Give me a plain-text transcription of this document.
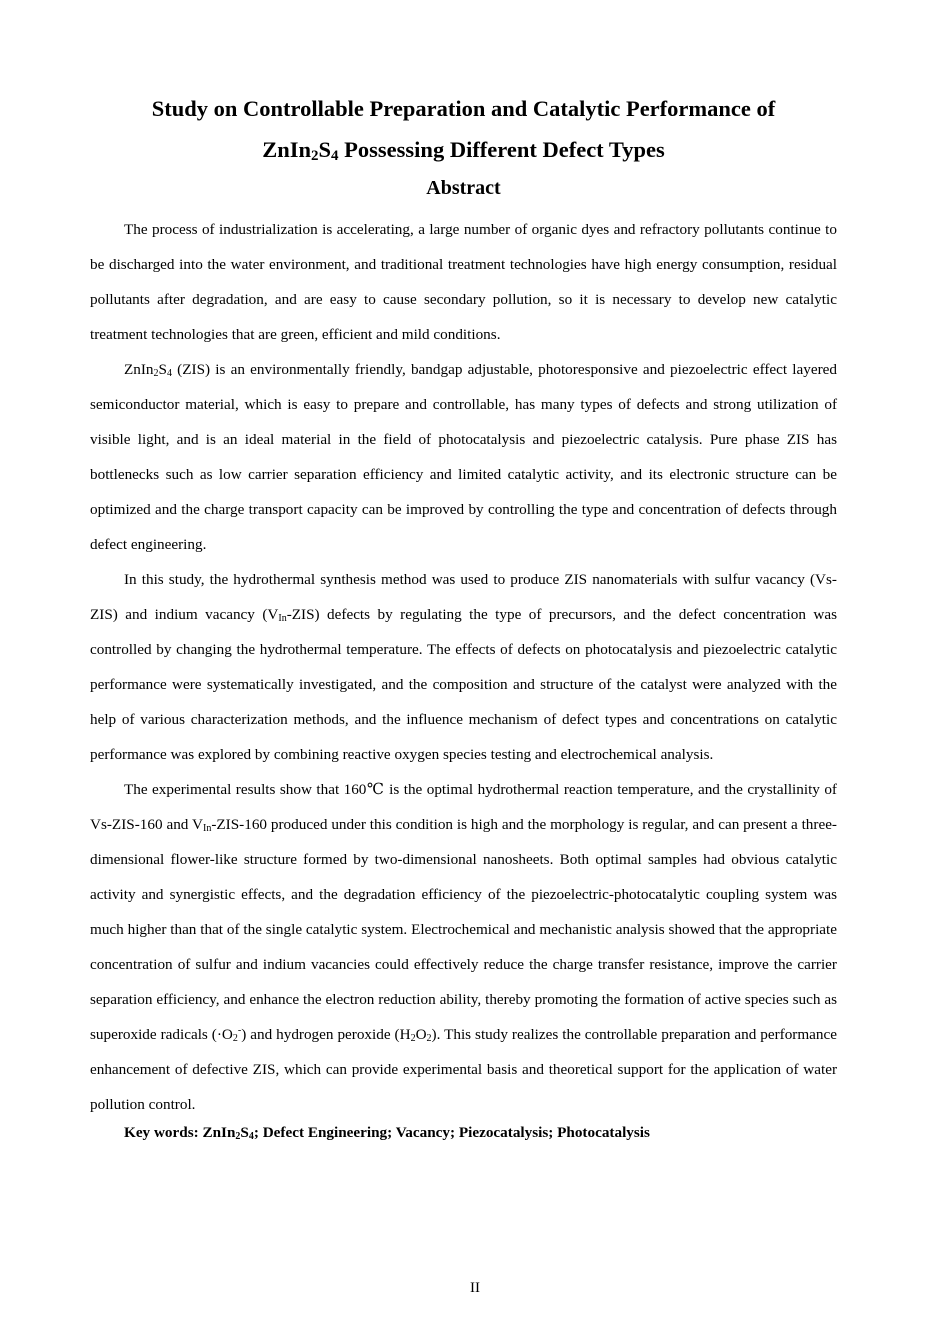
Study on Controllable Preparation and Catalytic Performance of
$ZnIn_2S_4$ Possessing Different Defect Types
Abstract

The process of industrialization is accelerating, a large number of organic dyes and refractory pollutants continue to be discharged into the water environment, and traditional treatment technologies have high energy consumption, residual pollutants after degradation, and are easy to cause secondary pollution, so it is necessary to develop new catalytic treatment technologies that are green, efficient and mild conditions.

$ZnIn_2S_4$ (ZIS) is an environmentally friendly, bandgap adjustable, photoresponsive and piezoelectric effect layered semiconductor material, which is easy to prepare and controllable, has many types of defects and strong utilization of visible light, and is an ideal material in the field of photocatalysis and piezoelectric catalysis. Pure phase ZIS has bottlenecks such as low carrier separation efficiency and limited catalytic activity, and its electronic structure can be optimized and the charge transport capacity can be improved by controlling the type and concentration of defects through defect engineering.

In this study, the hydrothermal synthesis method was used to produce ZIS nanomaterials with sulfur vacancy (Vs-ZIS) and indium vacancy $(V_{In}-ZIS)$ defects by regulating the type of precursors, and the defect concentration was controlled by changing the hydrothermal temperature. The effects of defects on photocatalysis and piezoelectric catalytic performance were systematically investigated, and the composition and structure of the catalyst were analyzed with the help of various characterization methods, and the influence mechanism of defect types and concentrations on catalytic performance was explored by combining reactive oxygen species testing and electrochemical analysis.

The experimental results show that 160℃ is the optimal hydrothermal reaction temperature, and the crystallinity of Vs-ZIS-160 and $V_{In}-ZIS-160$ produced under this condition is high and the morphology is regular, and can present a three-dimensional flower-like structure formed by two-dimensional nanosheets. Both optimal samples had obvious catalytic activity and synergistic effects, and the degradation efficiency of the piezoelectric-photocatalytic coupling system was much higher than that of the single catalytic system. Electrochemical and mechanistic analysis showed that the appropriate concentration of sulfur and indium vacancies could effectively reduce the charge transfer resistance, improve the carrier separation efficiency, and enhance the electron reduction ability, thereby promoting the formation of active species such as superoxide radicals $(\cdot O_2^-)$ and hydrogen peroxide $(H_2O_2)$. This study realizes the controllable preparation and performance enhancement of defective ZIS, which can provide experimental basis and theoretical support for the application of water pollution control.

Key words: $ZnIn_2S_4$; Defect Engineering; Vacancy; Piezocatalysis; Photocatalysis

II
